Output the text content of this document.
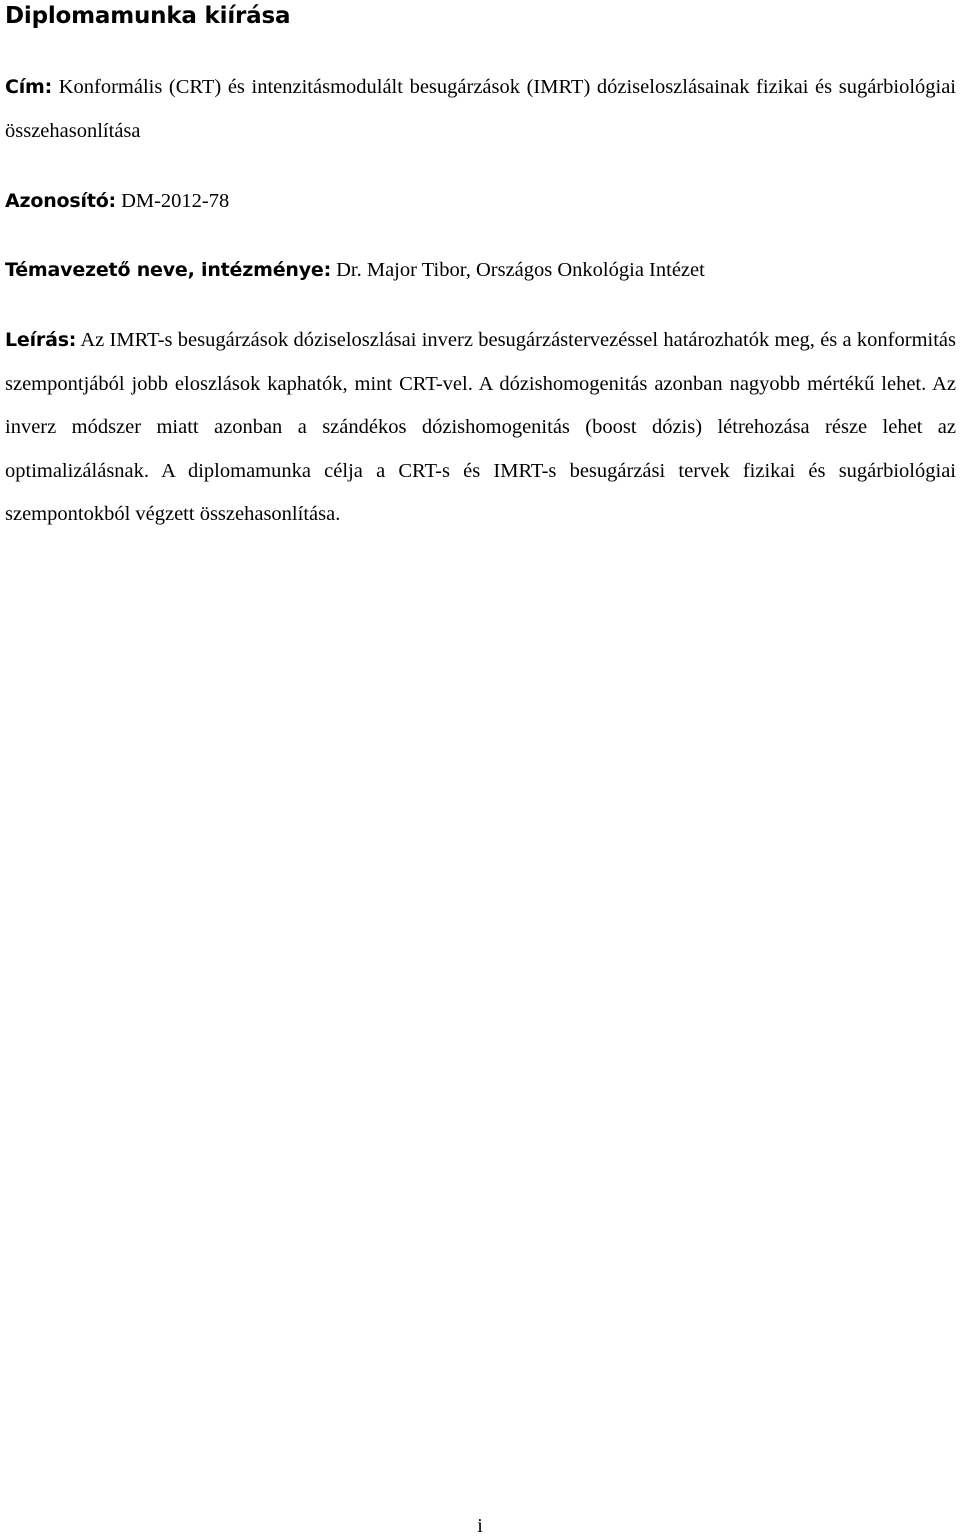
Diplomamunka kiírása

Cím: Konformális (CRT) és intenzitásmodulált besugárzások (IMRT) dóziseloszlásainak fizikai és sugárbiológiai összehasonlítása

Azonosító: DM-2012-78

Témavezető neve, intézménye: Dr. Major Tibor, Országos Onkológia Intézet

Leírás: Az IMRT-s besugárzások dóziseloszlásai inverz besugárzástervezéssel határozhatók meg, és a konformitás szempontjából jobb eloszlások kaphatók, mint CRT-vel. A dózishomogenitás azonban nagyobb mértékű lehet. Az inverz módszer miatt azonban a szándékos dózishomogenitás (boost dózis) létrehozása része lehet az optimalizálásnak. A diplomamunka célja a CRT-s és IMRT-s besugárzási tervek fizikai és sugárbiológiai szempontokból végzett összehasonlítása.

i
